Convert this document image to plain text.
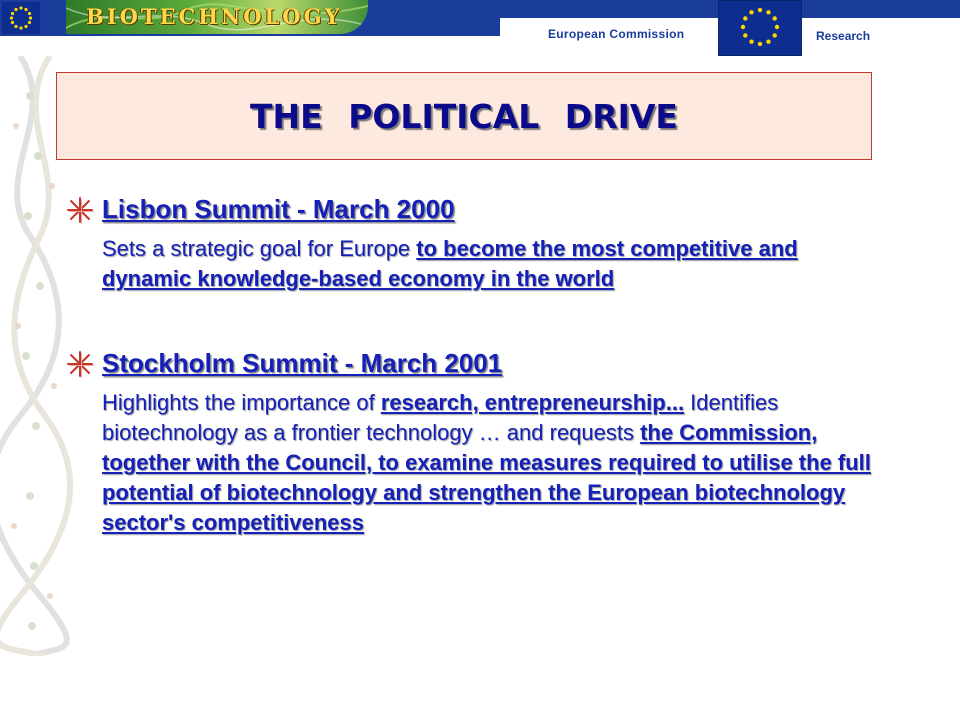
BIOTECHNOLOGY
European Commission	Research
THE POLITICAL DRIVE
Lisbon Summit - March 2000
Sets a strategic goal for Europe to become the most competitive and dynamic knowledge-based economy in the world
Stockholm Summit - March 2001
Highlights the importance of research, entrepreneurship... Identifies biotechnology as a frontier technology … and requests the Commission, together with the Council, to examine measures required to utilise the full potential of biotechnology and strengthen the European biotechnology sector's competitiveness
